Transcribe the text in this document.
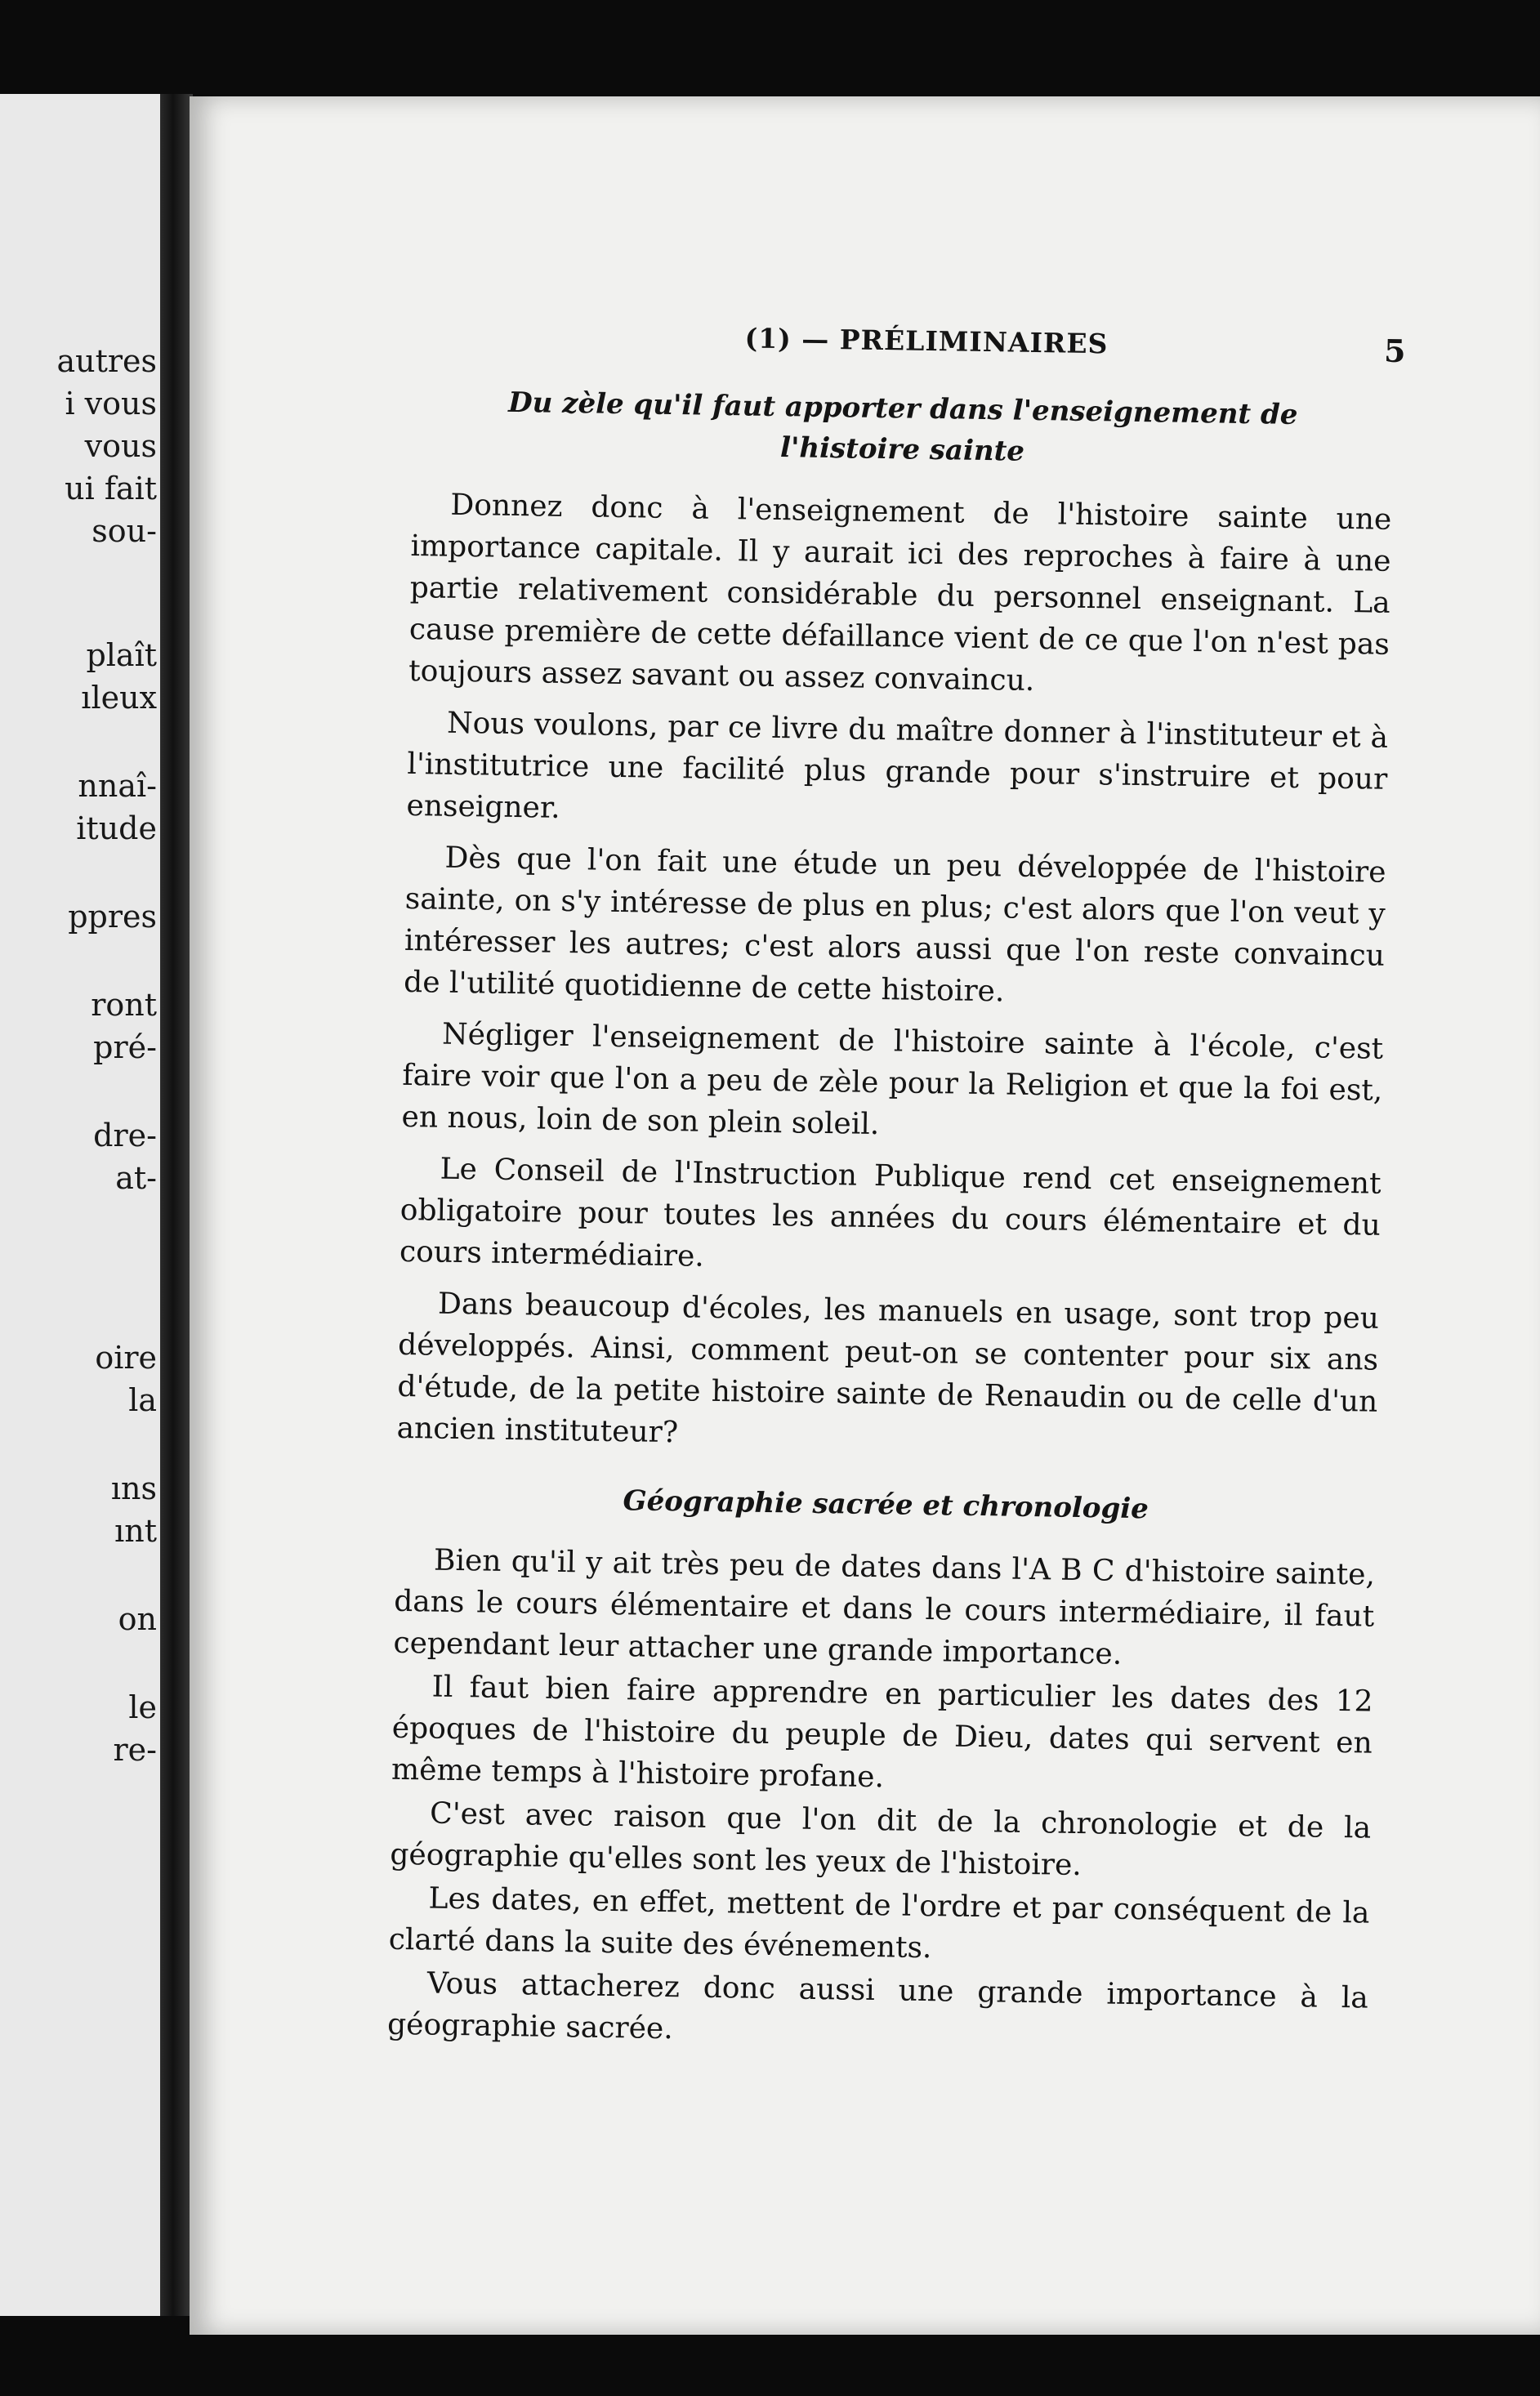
autres
i vous
vous
ui fait
sou-
plaît
ıleux
nnaî-
itude
ppres
ront
pré-
dre-
at-
oire
la
ıns
ınt
on
le
re-
(1) — PRÉLIMINAIRES	5
Du zèle qu'il faut apporter dans l'enseignement de
l'histoire sainte

Donnez donc à l'enseignement de l'histoire sainte une importance capitale. Il y aurait ici des reproches à faire à une partie relativement considérable du personnel enseignant. La cause première de cette défaillance vient de ce que l'on n'est pas toujours assez savant ou assez convaincu.

Nous voulons, par ce livre du maître donner à l'instituteur et à l'institutrice une facilité plus grande pour s'instruire et pour enseigner.

Dès que l'on fait une étude un peu développée de l'histoire sainte, on s'y intéresse de plus en plus; c'est alors que l'on veut y intéresser les autres; c'est alors aussi que l'on reste convaincu de l'utilité quotidienne de cette histoire.

Négliger l'enseignement de l'histoire sainte à l'école, c'est faire voir que l'on a peu de zèle pour la Religion et que la foi est, en nous, loin de son plein soleil.

Le Conseil de l'Instruction Publique rend cet enseignement obligatoire pour toutes les années du cours élémentaire et du cours intermédiaire.

Dans beaucoup d'écoles, les manuels en usage, sont trop peu développés. Ainsi, comment peut-on se contenter pour six ans d'étude, de la petite histoire sainte de Renaudin ou de celle d'un ancien instituteur?

Géographie sacrée et chronologie

Bien qu'il y ait très peu de dates dans l'A B C d'histoire sainte, dans le cours élémentaire et dans le cours intermédiaire, il faut cependant leur attacher une grande importance.

Il faut bien faire apprendre en particulier les dates des 12 époques de l'histoire du peuple de Dieu, dates qui servent en même temps à l'histoire profane.

C'est avec raison que l'on dit de la chronologie et de la géographie qu'elles sont les yeux de l'histoire.

Les dates, en effet, mettent de l'ordre et par conséquent de la clarté dans la suite des événements.

Vous attacherez donc aussi une grande importance à la géographie sacrée.
